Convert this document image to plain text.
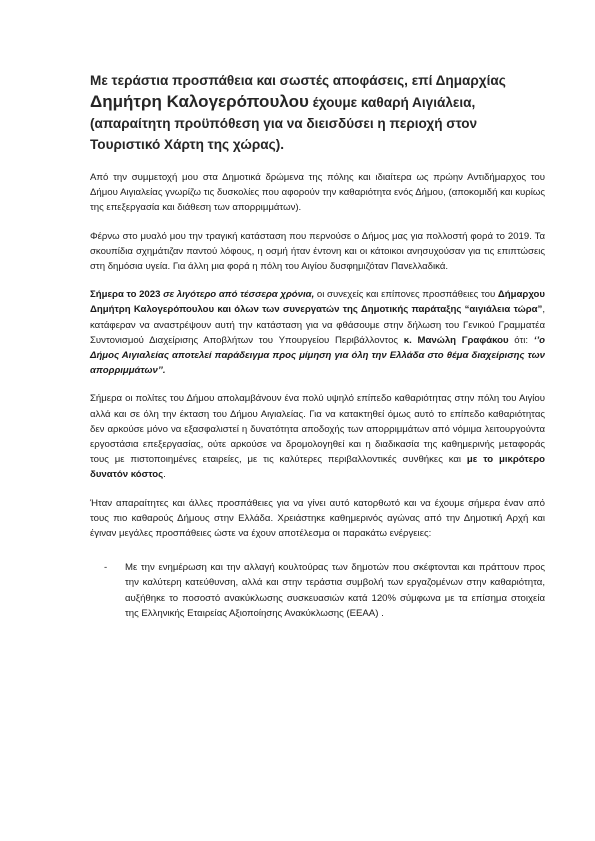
Με τεράστια προσπάθεια και σωστές αποφάσεις, επί Δημαρχίας
Δημήτρη Καλογερόπουλου έχουμε καθαρή Αιγιάλεια,
(απαραίτητη προϋπόθεση για να διεισδύσει η περιοχή στον Τουριστικό Χάρτη της χώρας).

Από την συμμετοχή μου στα Δημοτικά δρώμενα της πόλης και ιδιαίτερα ως πρώην Αντιδήμαρχος του Δήμου Αιγιαλείας γνωρίζω τις δυσκολίες που αφορούν την καθαριότητα ενός Δήμου, (αποκομιδή και κυρίως της επεξεργασία και διάθεση των απορριμμάτων).

Φέρνω στο μυαλό μου την τραγική κατάσταση που περνούσε ο Δήμος μας για πολλοστή φορά το 2019. Τα σκουπίδια σχημάτιζαν παντού λόφους, η οσμή ήταν έντονη και οι κάτοικοι ανησυχούσαν για τις επιπτώσεις στη δημόσια υγεία. Για άλλη μια φορά η πόλη του Αιγίου δυσφημιζόταν Πανελλαδικά.

Σήμερα το 2023 σε λιγότερο από τέσσερα χρόνια, οι συνεχείς και επίπονες προσπάθειες του Δήμαρχου Δημήτρη Καλογερόπουλου και όλων των συνεργατών της Δημοτικής παράταξης “αιγιάλεια τώρα”, κατάφεραν να αναστρέψουν αυτή την κατάσταση για να φθάσουμε στην δήλωση του Γενικού Γραμματέα Συντονισμού Διαχείρισης Αποβλήτων του Υπουργείου Περιβάλλοντος κ. Μανώλη Γραφάκου ότι: ‘’ο Δήμος Αιγιαλείας αποτελεί παράδειγμα προς μίμηση για όλη την Ελλάδα στο θέμα διαχείρισης των απορριμμάτων’’.

Σήμερα οι πολίτες του Δήμου απολαμβάνουν ένα πολύ υψηλό επίπεδο καθαριότητας στην πόλη του Αιγίου αλλά και σε όλη την έκταση του Δήμου Αιγιαλείας. Για να κατακτηθεί όμως αυτό το επίπεδο καθαριότητας δεν αρκούσε μόνο να εξασφαλιστεί η δυνατότητα αποδοχής των απορριμμάτων από νόμιμα λειτουργούντα εργοστάσια επεξεργασίας, ούτε αρκούσε να δρομολογηθεί και η διαδικασία της καθημερινής μεταφοράς τους με πιστοποιημένες εταιρείες, με τις καλύτερες περιβαλλοντικές συνθήκες και με το μικρότερο δυνατόν κόστος.

Ήταν απαραίτητες και άλλες προσπάθειες για να γίνει αυτό κατορθωτό και να έχουμε σήμερα έναν από τους πιο καθαρούς Δήμους στην Ελλάδα. Χρειάστηκε καθημερινός αγώνας από την Δημοτική Αρχή και έγιναν μεγάλες προσπάθειες ώστε να έχουν αποτέλεσμα οι παρακάτω ενέργειες:

- Με την ενημέρωση και την αλλαγή κουλτούρας των δημοτών που σκέφτονται και πράττουν προς την καλύτερη κατεύθυνση, αλλά και στην τεράστια συμβολή των εργαζομένων στην καθαριότητα, αυξήθηκε το ποσοστό ανακύκλωσης συσκευασιών κατά 120% σύμφωνα με τα επίσημα στοιχεία της Ελληνικής Εταιρείας Αξιοποίησης Ανακύκλωσης (ΕΕΑΑ) .
